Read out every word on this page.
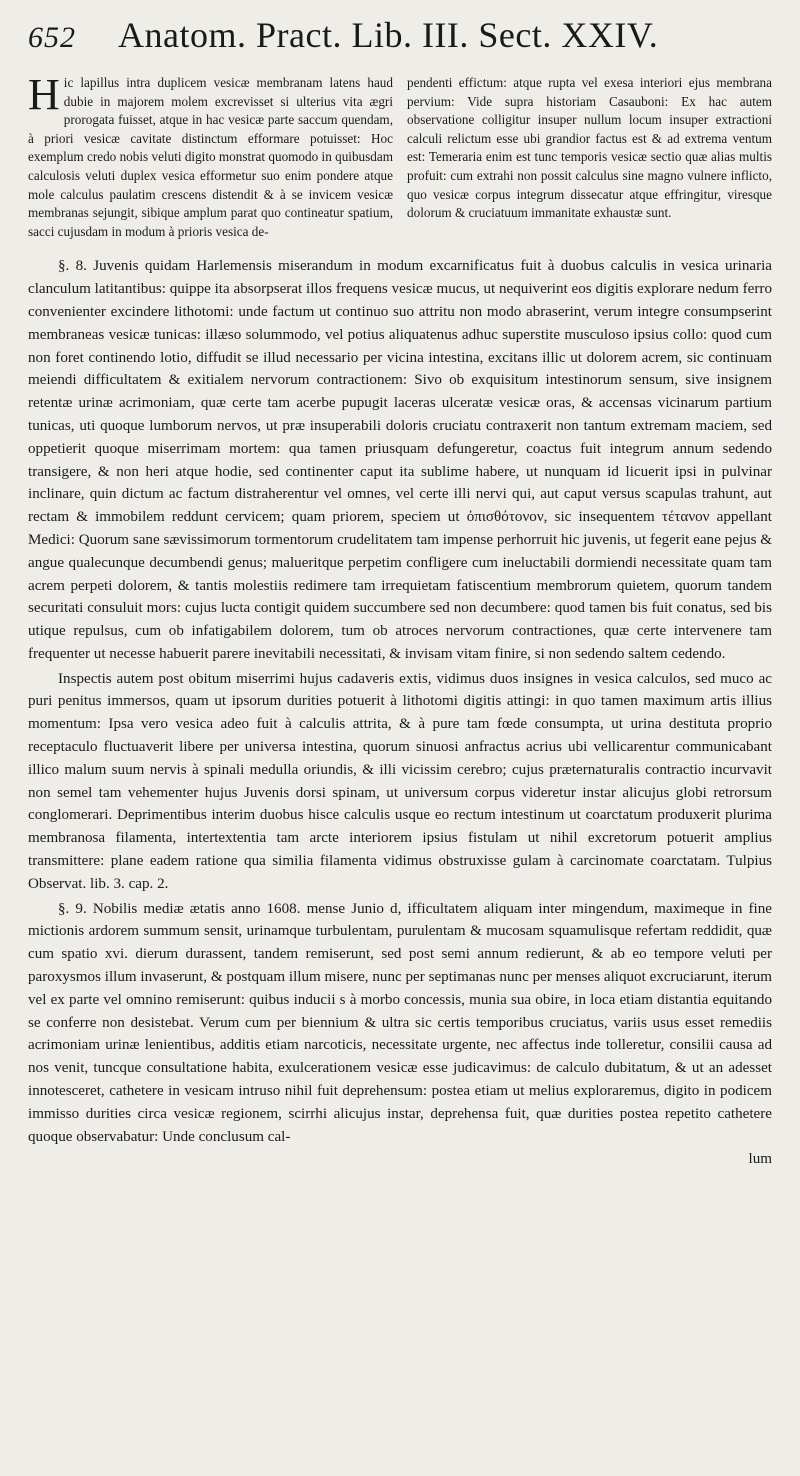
652 Anatom. Pract. Lib. III. Sect. XXIV.
H ic lapillus intra duplicem vesicæ membranam latens haud dubie in majorem molem excrevisset si ulterius vita ægri prorogata fuisset, atque in hac vesicæ parte saccum quendam, à priori vesicæ cavitate distinctum efformare potuisset: Hoc exemplum credo nobis veluti digito monstrat quomodo in quibusdam calculosis veluti duplex vesica efformetur suo enim pondere atque mole calculus paulatim crescens distendit & à se invicem vesicæ membranas sejungit, sibique amplum parat quo contineatur spatium, sacci cujusdam in modum à prioris vesica de-
pendenti effictum: atque rupta vel exesa interiori ejus membrana pervium: Vide supra historiam Casauboni: Ex hac autem observatione colligitur insuper nullum locum insuper extractioni calculi relictum esse ubi grandior factus est & ad extrema ventum est: Temeraria enim est tunc temporis vesicæ sectio quæ alias multis profuit: cum extrahi non possit calculus sine magno vulnere inflicto, quo vesicæ corpus integrum dissecatur atque effringitur, viresque dolorum & cruciatuum immanitate exhaustæ sunt.

§. 8. Juvenis quidam Harlemensis miserandum in modum excarnificatus fuit à duobus calculis in vesica urinaria clanculum latitantibus: quippe ita absorpserat illos frequens vesicæ mucus, ut nequiverint eos digitis explorare nedum ferro convenienter excindere lithotomi: unde factum ut continuo suo attritu non modo abraserint, verum integre consumpserint membraneas vesicæ tunicas: illæso solummodo, vel potius aliquatenus adhuc superstite musculoso ipsius collo: quod cum non foret continendo lotio, diffudit se illud necessario per vicina intestina, excitans illic ut dolorem acrem, sic continuam meiendi difficultatem & exitialem nervorum contractionem: Sivo ob exquisitum intestinorum sensum, sive insignem retentæ urinæ acrimoniam, quæ certe tam acerbe pupugit laceras ulceratæ vesicæ oras, & accensas vicinarum partium tunicas, uti quoque lumborum nervos, ut præ insuperabili doloris cruciatu contraxerit non tantum extremam maciem, sed oppetierit quoque miserrimam mortem: qua tamen priusquam defungeretur, coactus fuit integrum annum sedendo transigere, & non heri atque hodie, sed continenter caput ita sublime habere, ut nunquam id licuerit ipsi in pulvinar inclinare, quin dictum ac factum distraherentur vel omnes, vel certe illi nervi qui, aut caput versus scapulas trahunt, aut rectam & immobilem reddunt cervicem; quam priorem, speciem ut ὀπισθότονον, sic insequentem τέτανον appellant Medici: Quorum sane sævissimorum tormentorum crudelitatem tam impense perhorruit hic juvenis, ut fegerit eane pejus & angue qualecunque decumbendi genus; malueritque perpetim confligere cum ineluctabili dormiendi necessitate quam tam acrem perpeti dolorem, & tantis molestiis redimere tam irrequietam fatiscentium membrorum quietem, quorum tandem securitati consuluit mors: cujus lucta contigit quidem succumbere sed non decumbere: quod tamen bis fuit conatus, sed bis utique repulsus, cum ob infatigabilem dolorem, tum ob atroces nervorum contractiones, quæ certe intervenere tam frequenter ut necesse habuerit parere inevitabili necessitati, & invisam vitam finire, si non sedendo saltem cedendo.

Inspectis autem post obitum miserrimi hujus cadaveris extis, vidimus duos insignes in vesica calculos, sed muco ac puri penitus immersos, quam ut ipsorum durities potuerit à lithotomi digitis attingi: in quo tamen maximum artis illius momentum: Ipsa vero vesica adeo fuit à calculis attrita, & à pure tam fœde consumpta, ut urina destituta proprio receptaculo fluctuaverit libere per universa intestina, quorum sinuosi anfractus acrius ubi vellicarentur communicabant illico malum suum nervis à spinali medulla oriundis, & illi vicissim cerebro; cujus præternaturalis contractio incurvavit non semel tam vehementer hujus Juvenis dorsi spinam, ut universum corpus videretur instar alicujus globi retrorsum conglomerari. Deprimentibus interim duobus hisce calculis usque eo rectum intestinum ut coarctatum produxerit plurima membranosa filamenta, intertextentia tam arcte interiorem ipsius fistulam ut nihil excretorum potuerit amplius transmittere: plane eadem ratione qua similia filamenta vidimus obstruxisse gulam à carcinomate coarctatam. Tulpius Observat. lib. 3. cap. 2.

§. 9. Nobilis mediæ ætatis anno 1608. mense Junio d, ifficultatem aliquam inter mingendum, maximeque in fine mictionis ardorem summum sensit, urinamque turbulentam, purulentam & mucosam squamulisque refertam reddidit, quæ cum spatio xvi. dierum durassent, tandem remiserunt, sed post semi annum redierunt, & ab eo tempore veluti per paroxysmos illum invaserunt, & postquam illum misere, nunc per septimanas nunc per menses aliquot excruciarunt, iterum vel ex parte vel omnino remiserunt: quibus inducii s à morbo concessis, munia sua obire, in loca etiam distantia equitando se conferre non desistebat. Verum cum per biennium & ultra sic certis temporibus cruciatus, variis usus esset remediis acrimoniam urinæ lenientibus, additis etiam narcoticis, necessitate urgente, nec affectus inde tolleretur, consilii causa ad nos venit, tuncque consultatione habita, exulcerationem vesicæ esse judicavimus: de calculo dubitatum, & ut an adesset innotesceret, cathetere in vesicam intruso nihil fuit deprehensum: postea etiam ut melius exploraremus, digito in podicem immisso durities circa vesicæ regionem, scirrhi alicujus instar, deprehensa fuit, quæ durities postea repetito cathetere quoque observabatur: Unde conclusum cal-

lum
